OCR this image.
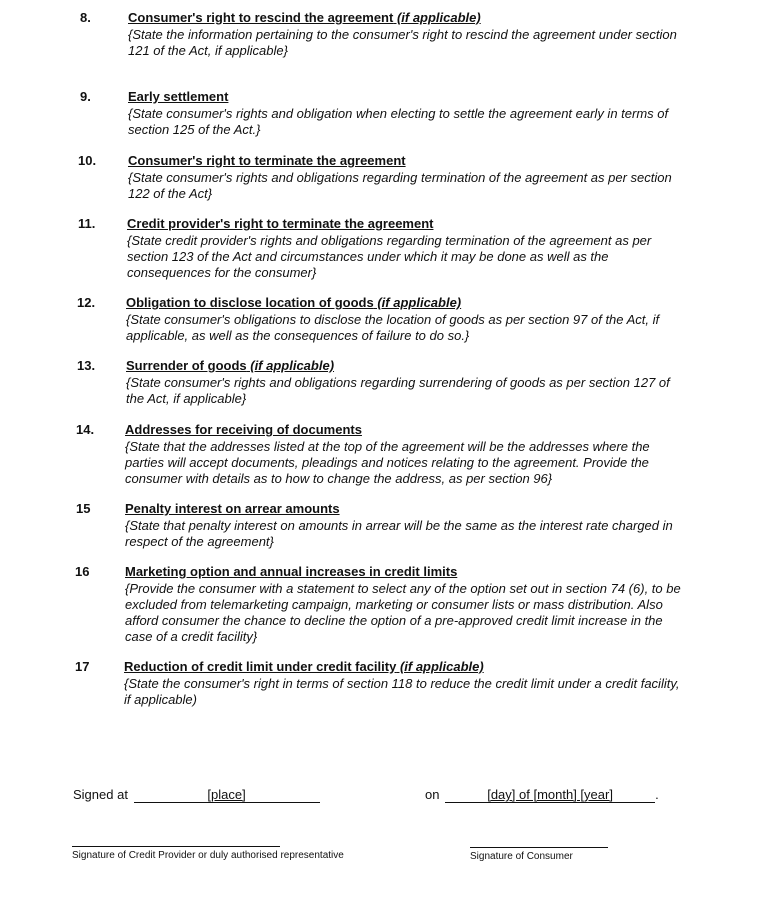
8.	Consumer's right to rescind the agreement (if applicable)
{State the information pertaining to the consumer's right to rescind the agreement under section 121 of the Act, if applicable}
9.	Early settlement
{State consumer's rights and obligation when electing to settle the agreement early in terms of section 125 of the Act.}
10. Consumer's right to terminate the agreement
{State consumer's rights and obligations regarding termination of the agreement as per section 122 of the Act}
11. Credit provider's right to terminate the agreement
{State credit provider's rights and obligations regarding termination of the agreement as per section 123 of the Act and circumstances under which it may be done as well as the consequences for the consumer}
12. Obligation to disclose location of goods (if applicable)
{State consumer's obligations to disclose the location of goods as per section 97 of the Act, if applicable, as well as the consequences of failure to do so.}
13. Surrender of goods (if applicable)
{State consumer's rights and obligations regarding surrendering of goods as per section 127 of the Act, if applicable}
14. Addresses for receiving of documents
{State that the addresses listed at the top of the agreement will be the addresses where the parties will accept documents, pleadings and notices relating to the agreement. Provide the consumer with details as to how to change the address, as per section 96}
15	Penalty interest on arrear amounts
{State that penalty interest on amounts in arrear will be the same as the interest rate charged in respect of the agreement}
16	Marketing option and annual increases in credit limits
{Provide the consumer with a statement to select any of the option set out in section 74 (6), to be excluded from telemarketing campaign, marketing or consumer lists or mass distribution. Also afford consumer the chance to decline the option of a pre-approved credit limit increase in the case of a credit facility}
17	Reduction of credit limit under credit facility (if applicable)
{State the consumer's right in terms of section 118 to reduce the credit limit under a credit facility, if applicable)
Signed at	[place]	on	[day] of [month] [year]	.
Signature of Credit Provider or duly authorised representative	Signature of Consumer
